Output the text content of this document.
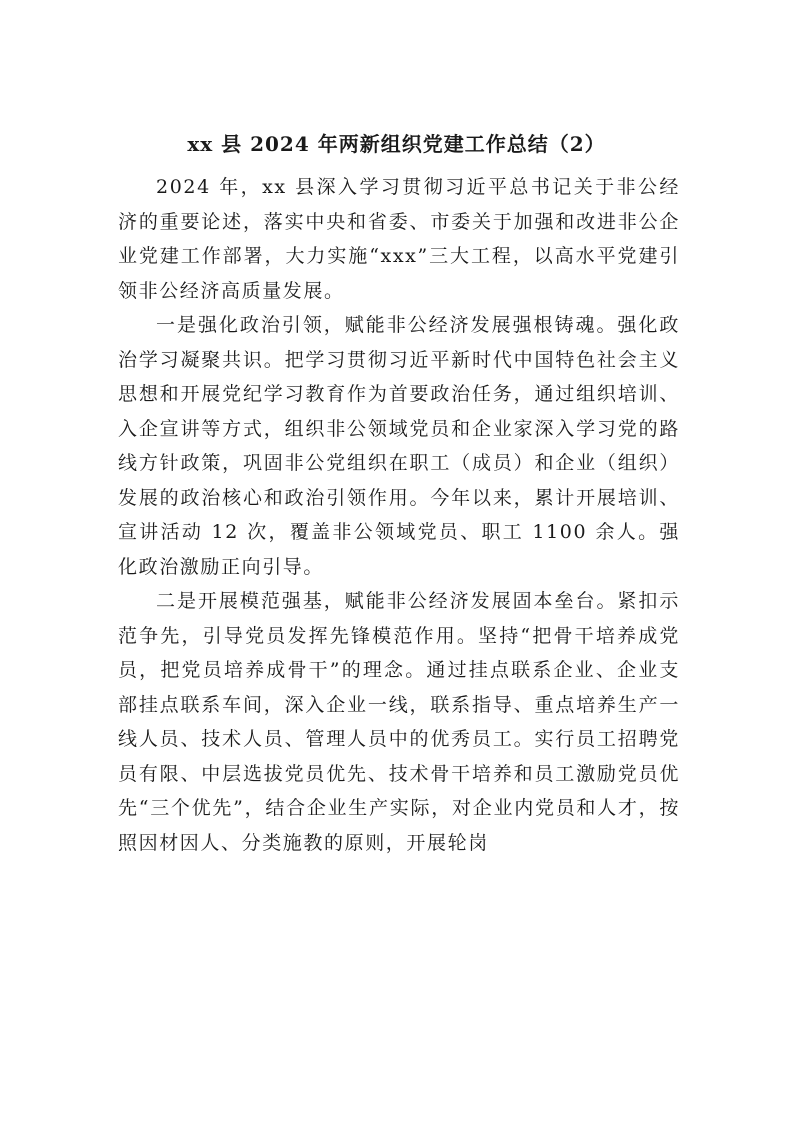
xx 县 2024 年两新组织党建工作总结（2）

2024 年，xx 县深入学习贯彻习近平总书记关于非公经济的重要论述，落实中央和省委、市委关于加强和改进非公企业党建工作部署，大力实施“xxx”三大工程，以高水平党建引领非公经济高质量发展。

一是强化政治引领，赋能非公经济发展强根铸魂。强化政治学习凝聚共识。把学习贯彻习近平新时代中国特色社会主义思想和开展党纪学习教育作为首要政治任务，通过组织培训、入企宣讲等方式，组织非公领域党员和企业家深入学习党的路线方针政策，巩固非公党组织在职工（成员）和企业（组织）发展的政治核心和政治引领作用。今年以来，累计开展培训、宣讲活动 12 次，覆盖非公领域党员、职工 1100 余人。强化政治激励正向引导。

二是开展模范强基，赋能非公经济发展固本垒台。紧扣示范争先，引导党员发挥先锋模范作用。坚持“把骨干培养成党员，把党员培养成骨干”的理念。通过挂点联系企业、企业支部挂点联系车间，深入企业一线，联系指导、重点培养生产一线人员、技术人员、管理人员中的优秀员工。实行员工招聘党员有限、中层选拔党员优先、技术骨干培养和员工激励党员优先“三个优先”，结合企业生产实际，对企业内党员和人才，按照因材因人、分类施教的原则，开展轮岗
